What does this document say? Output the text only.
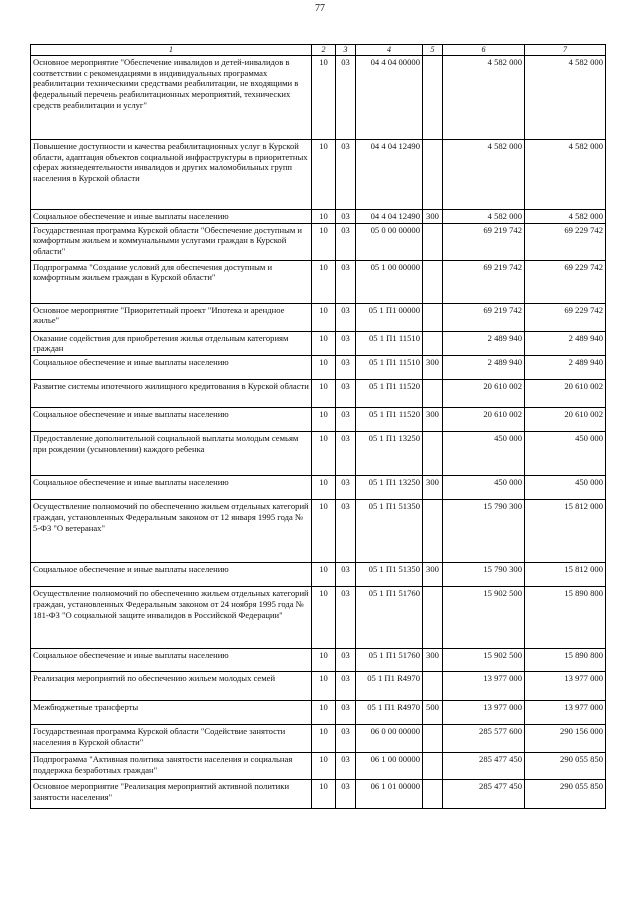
77
1	2	3	4	5	6	7
Основное мероприятие "Обеспечение инвалидов и детей-инвалидов в соответствии с рекомендациями в индивидуальных программах реабилитации техническими средствами реабилитации, не входящими в федеральный перечень реабилитационных мероприятий, технических средств реабилитации и услуг"	10	03	04 4 04 00000		4 582 000	4 582 000
Повышение доступности и качества реабилитационных услуг в Курской области, адаптация объектов социальной инфраструктуры в приоритетных сферах жизнедеятельности инвалидов и других маломобильных групп населения в Курской области	10	03	04 4 04 12490		4 582 000	4 582 000
Социальное обеспечение и иные выплаты населению	10	03	04 4 04 12490	300	4 582 000	4 582 000
Государственная программа Курской области "Обеспечение доступным и комфортным жильем и коммунальными услугами граждан в Курской области"	10	03	05 0 00 00000		69 219 742	69 229 742
Подпрограмма "Создание условий для обеспечения доступным и комфортным жильем граждан в Курской области"	10	03	05 1 00 00000		69 219 742	69 229 742
Основное мероприятие "Приоритетный проект "Ипотека и арендное жилье"	10	03	05 1 П1 00000		69 219 742	69 229 742
Оказание содействия для приобретения жилья отдельным категориям граждан	10	03	05 1 П1 11510		2 489 940	2 489 940
Социальное обеспечение и иные выплаты населению	10	03	05 1 П1 11510	300	2 489 940	2 489 940
Развитие системы ипотечного жилищного кредитования в Курской области	10	03	05 1 П1 11520		20 610 002	20 610 002
Социальное обеспечение и иные выплаты населению	10	03	05 1 П1 11520	300	20 610 002	20 610 002
Предоставление дополнительной социальной выплаты молодым семьям при рождении (усыновлении) каждого ребенка	10	03	05 1 П1 13250		450 000	450 000
Социальное обеспечение и иные выплаты населению	10	03	05 1 П1 13250	300	450 000	450 000
Осуществление полномочий по обеспечению жильем отдельных категорий граждан, установленных Федеральным законом от 12 января 1995 года № 5-ФЗ "О ветеранах"	10	03	05 1 П1 51350		15 790 300	15 812 000
Социальное обеспечение и иные выплаты населению	10	03	05 1 П1 51350	300	15 790 300	15 812 000
Осуществление полномочий по обеспечению жильем отдельных категорий граждан, установленных Федеральным законом от 24 ноября 1995 года № 181-ФЗ "О социальной защите инвалидов в Российской Федерации"	10	03	05 1 П1 51760		15 902 500	15 890 800
Социальное обеспечение и иные выплаты населению	10	03	05 1 П1 51760	300	15 902 500	15 890 800
Реализация мероприятий по обеспечению жильем молодых семей	10	03	05 1 П1 R4970		13 977 000	13 977 000
Межбюджетные трансферты	10	03	05 1 П1 R4970	500	13 977 000	13 977 000
Государственная программа Курской области "Содействие занятости населения в Курской области"	10	03	06 0 00 00000		285 577 600	290 156 000
Подпрограмма "Активная политика занятости населения и социальная поддержка безработных граждан"	10	03	06 1 00 00000		285 477 450	290 055 850
Основное мероприятие "Реализация мероприятий активной политики занятости населения"	10	03	06 1 01 00000		285 477 450	290 055 850
